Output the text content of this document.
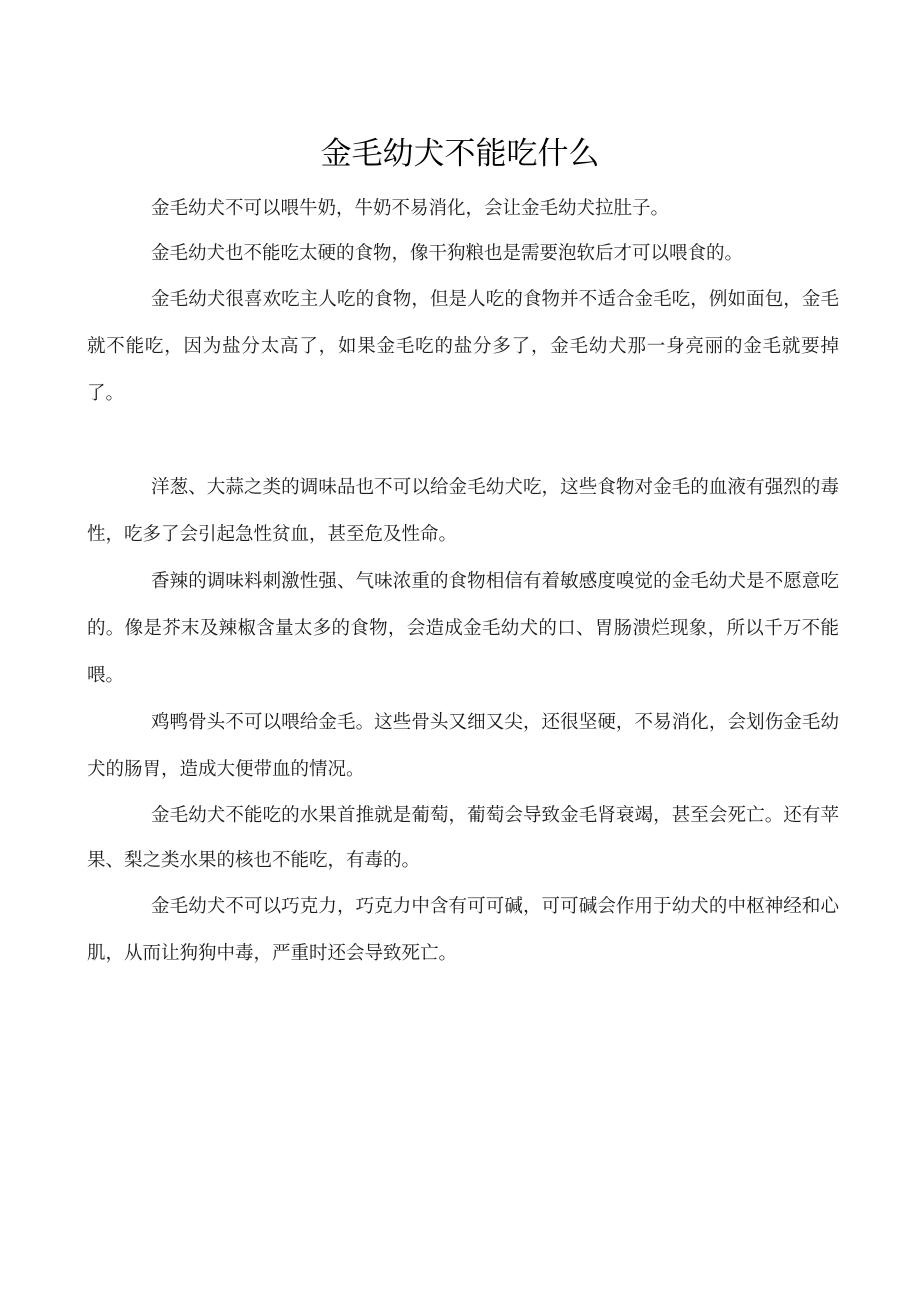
金毛幼犬不能吃什么

金毛幼犬不可以喂牛奶，牛奶不易消化，会让金毛幼犬拉肚子。

金毛幼犬也不能吃太硬的食物，像干狗粮也是需要泡软后才可以喂食的。

金毛幼犬很喜欢吃主人吃的食物，但是人吃的食物并不适合金毛吃，例如面包，金毛就不能吃，因为盐分太高了，如果金毛吃的盐分多了，金毛幼犬那一身亮丽的金毛就要掉了。

洋葱、大蒜之类的调味品也不可以给金毛幼犬吃，这些食物对金毛的血液有强烈的毒性，吃多了会引起急性贫血，甚至危及性命。

香辣的调味料刺激性强、气味浓重的食物相信有着敏感度嗅觉的金毛幼犬是不愿意吃的。像是芥末及辣椒含量太多的食物，会造成金毛幼犬的口、胃肠溃烂现象，所以千万不能喂。

鸡鸭骨头不可以喂给金毛。这些骨头又细又尖，还很坚硬，不易消化，会划伤金毛幼犬的肠胃，造成大便带血的情况。

金毛幼犬不能吃的水果首推就是葡萄，葡萄会导致金毛肾衰竭，甚至会死亡。还有苹果、梨之类水果的核也不能吃，有毒的。

金毛幼犬不可以巧克力，巧克力中含有可可碱，可可碱会作用于幼犬的中枢神经和心肌，从而让狗狗中毒，严重时还会导致死亡。
